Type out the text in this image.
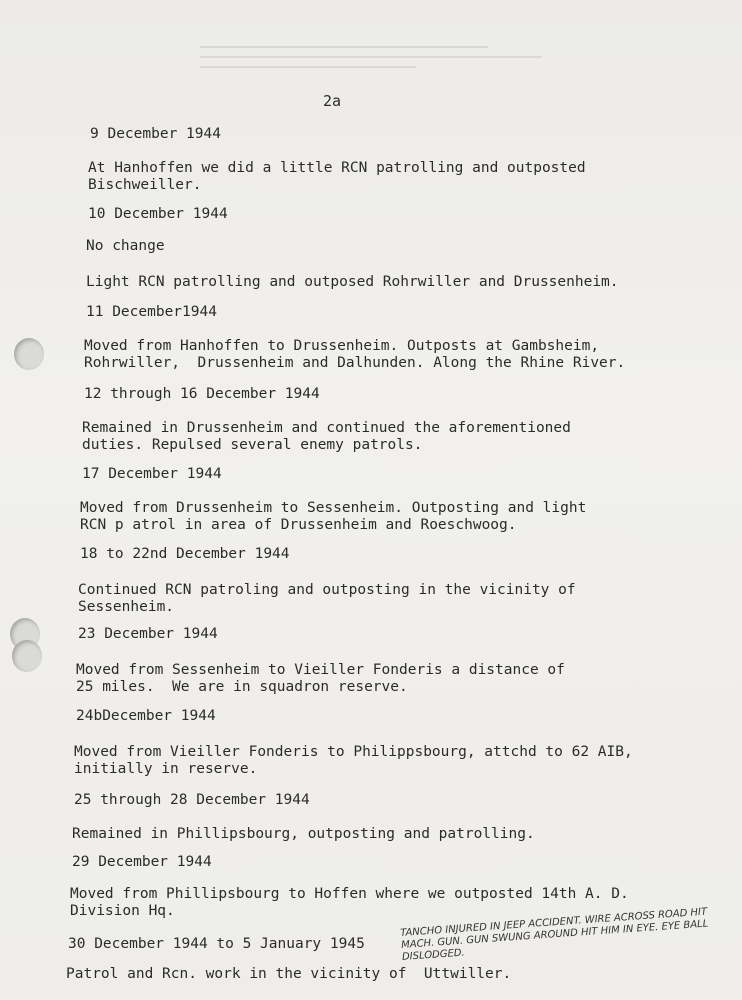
2a

9 December 1944

At Hanhoffen we did a little RCN patrolling and outposted
Bischweiller.

10 December 1944

No change

Light RCN patrolling and outposed Rohrwiller and Drussenheim.

11 December1944

Moved from Hanhoffen to Drussenheim. Outposts at Gambsheim,
Rohrwiller,  Drussenheim and Dalhunden. Along the Rhine River.

12 through 16 December 1944

Remained in Drussenheim and continued the aforementioned
duties. Repulsed several enemy patrols.

17 December 1944

Moved from Drussenheim to Sessenheim. Outposting and light
RCN p atrol in area of Drussenheim and Roeschwoog.

18 to 22nd December 1944

Continued RCN patroling and outposting in the vicinity of
Sessenheim.

23 December 1944

Moved from Sessenheim to Vieiller Fonderis a distance of
25 miles.  We are in squadron reserve.

24bDecember 1944

Moved from Vieiller Fonderis to Philippsbourg, attchd to 62 AIB,
initially in reserve.

25 through 28 December 1944

Remained in Phillipsbourg, outposting and patrolling.

29 December 1944

Moved from Phillipsbourg to Hoffen where we outposted 14th A. D.
Division Hq.

30 December 1944 to 5 January 1945

Patrol and Rcn. work in the vicinity of  Uttwiller.

TANCHO INJURED IN JEEP ACCIDENT. WIRE ACROSS ROAD HIT MACH. GUN. GUN SWUNG AROUND HIT HIM IN EYE. EYE BALL DISLODGED.
